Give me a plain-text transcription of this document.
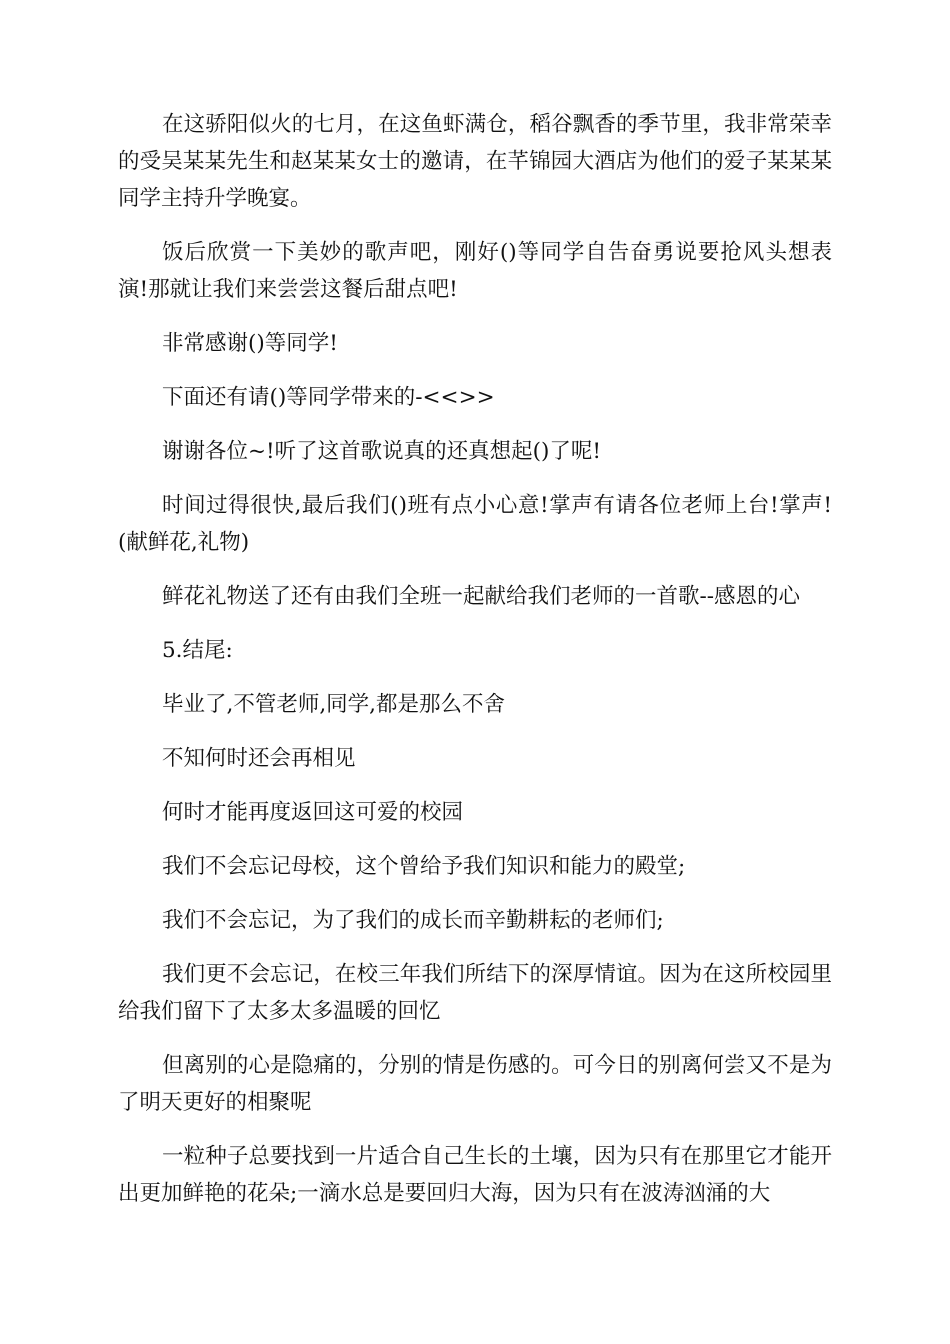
在这骄阳似火的七月，在这鱼虾满仓，稻谷飘香的季节里，我非常荣幸的受吴某某先生和赵某某女士的邀请，在芊锦园大酒店为他们的爱子某某某同学主持升学晚宴。

饭后欣赏一下美妙的歌声吧，刚好()等同学自告奋勇说要抢风头想表演!那就让我们来尝尝这餐后甜点吧!

非常感谢()等同学!

下面还有请()等同学带来的-<<>>

谢谢各位~!听了这首歌说真的还真想起()了呢!

时间过得很快,最后我们()班有点小心意!掌声有请各位老师上台!掌声!(献鲜花,礼物)

鲜花礼物送了还有由我们全班一起献给我们老师的一首歌--感恩的心

5.结尾:

毕业了,不管老师,同学,都是那么不舍

不知何时还会再相见

何时才能再度返回这可爱的校园

我们不会忘记母校，这个曾给予我们知识和能力的殿堂;

我们不会忘记，为了我们的成长而辛勤耕耘的老师们;

我们更不会忘记，在校三年我们所结下的深厚情谊。因为在这所校园里给我们留下了太多太多温暖的回忆

但离别的心是隐痛的，分别的情是伤感的。可今日的别离何尝又不是为了明天更好的相聚呢

一粒种子总要找到一片适合自己生长的土壤，因为只有在那里它才能开出更加鲜艳的花朵;一滴水总是要回归大海，因为只有在波涛汹涌的大
